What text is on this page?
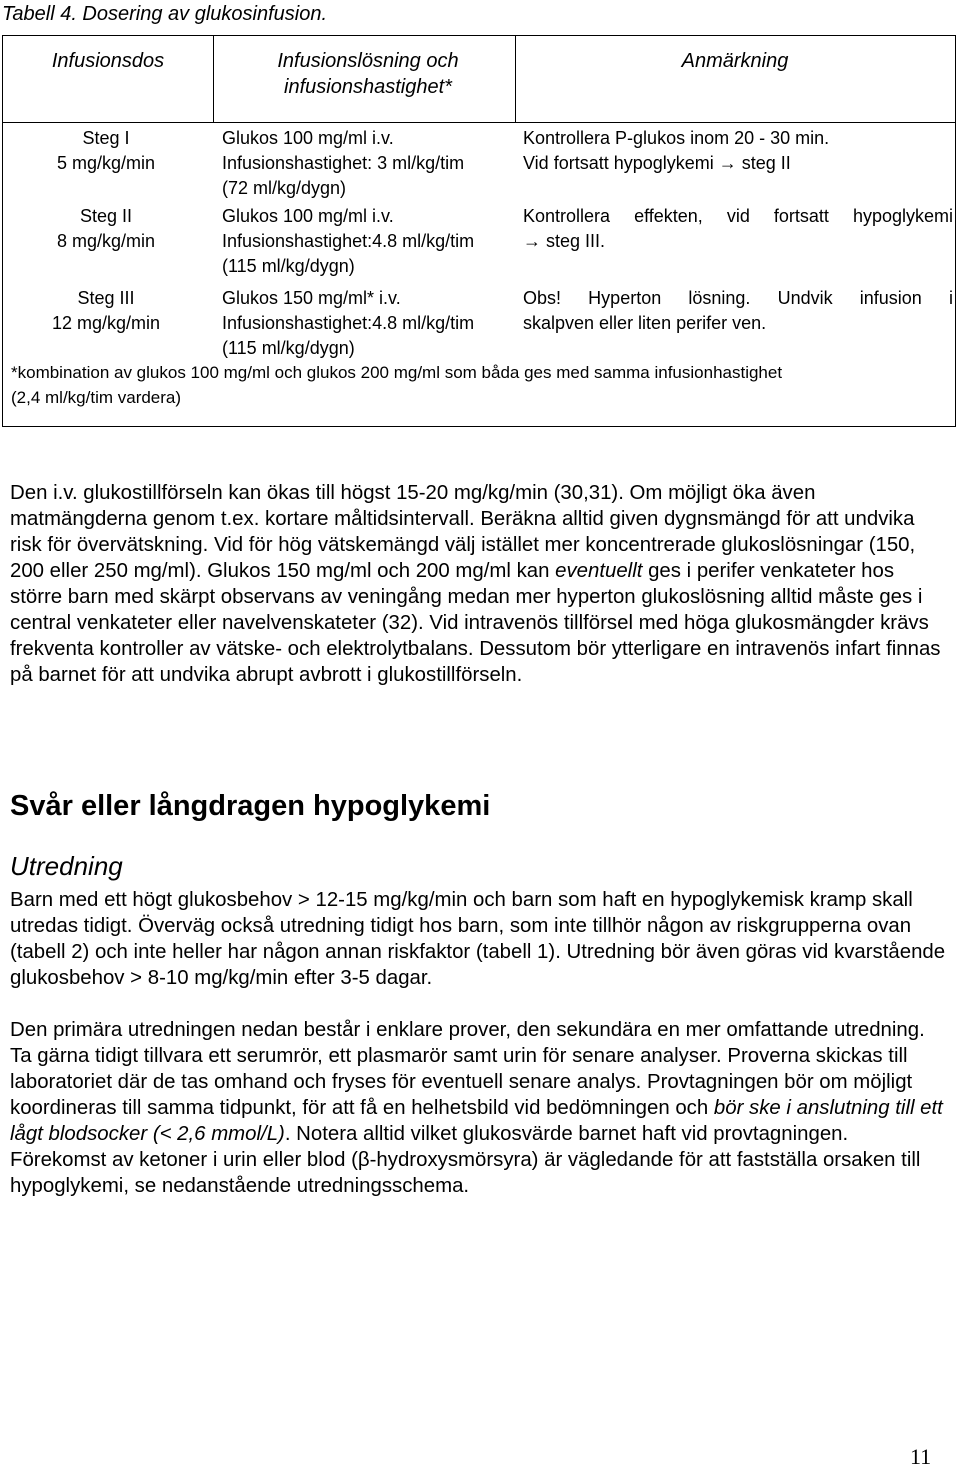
Tabell 4. Dosering av glukosinfusion.
Infusionsdos	Infusionslösning och infusionshastighet*
Anmärkning
Steg I
5 mg/kg/min
Glukos 100 mg/ml i.v.
Infusionshastighet: 3 ml/kg/tim
(72 ml/kg/dygn)
Kontrollera P-glukos inom 20 - 30 min.
Vid fortsatt hypoglykemi → steg II
Steg II
8 mg/kg/min
Glukos 100 mg/ml i.v.
Infusionshastighet:4.8 ml/kg/tim
(115 ml/kg/dygn)
Kontrollera effekten, vid fortsatt hypoglykemi
→ steg III.
Steg III
12 mg/kg/min
Glukos 150 mg/ml* i.v.
Infusionshastighet:4.8 ml/kg/tim
(115 ml/kg/dygn)
Obs! Hyperton lösning. Undvik infusion i
skalpven eller liten perifer ven.
*kombination av glukos 100 mg/ml och glukos 200 mg/ml som båda ges med samma infusionhastighet
(2,4 ml/kg/tim vardera)
Den i.v. glukostillförseln kan ökas till högst 15-20 mg/kg/min (30,31). Om möjligt öka även matmängderna genom t.ex. kortare måltidsintervall. Beräkna alltid given dygnsmängd för att undvika risk för övervätskning. Vid för hög vätskemängd välj istället mer koncentrerade glukoslösningar (150, 200 eller 250 mg/ml). Glukos 150 mg/ml och 200 mg/ml kan eventuellt ges i perifer venkateter hos större barn med skärpt observans av veningång medan mer hyperton glukoslösning alltid måste ges i central venkateter eller navelvenskateter (32). Vid intravenös tillförsel med höga glukosmängder krävs frekventa kontroller av vätske- och elektrolytbalans. Dessutom bör ytterligare en intravenös infart finnas på barnet för att undvika abrupt avbrott i glukostillförseln.
Svår eller långdragen hypoglykemi
Utredning
Barn med ett högt glukosbehov > 12-15 mg/kg/min och barn som haft en hypoglykemisk kramp skall utredas tidigt. Överväg också utredning tidigt hos barn, som inte tillhör någon av riskgrupperna ovan (tabell 2) och inte heller har någon annan riskfaktor (tabell 1). Utredning bör även göras vid kvarstående glukosbehov > 8-10 mg/kg/min efter 3-5 dagar.
Den primära utredningen nedan består i enklare prover, den sekundära en mer omfattande utredning. Ta gärna tidigt tillvara ett serumrör, ett plasmarör samt urin för senare analyser. Proverna skickas till laboratoriet där de tas omhand och fryses för eventuell senare analys. Provtagningen bör om möjligt koordineras till samma tidpunkt, för att få en helhetsbild vid bedömningen och bör ske i anslutning till ett lågt blodsocker (< 2,6 mmol/L). Notera alltid vilket glukosvärde barnet haft vid provtagningen. Förekomst av ketoner i urin eller blod (β-hydroxysmörsyra) är vägledande för att fastställa orsaken till hypoglykemi, se nedanstående utredningsschema.
11
